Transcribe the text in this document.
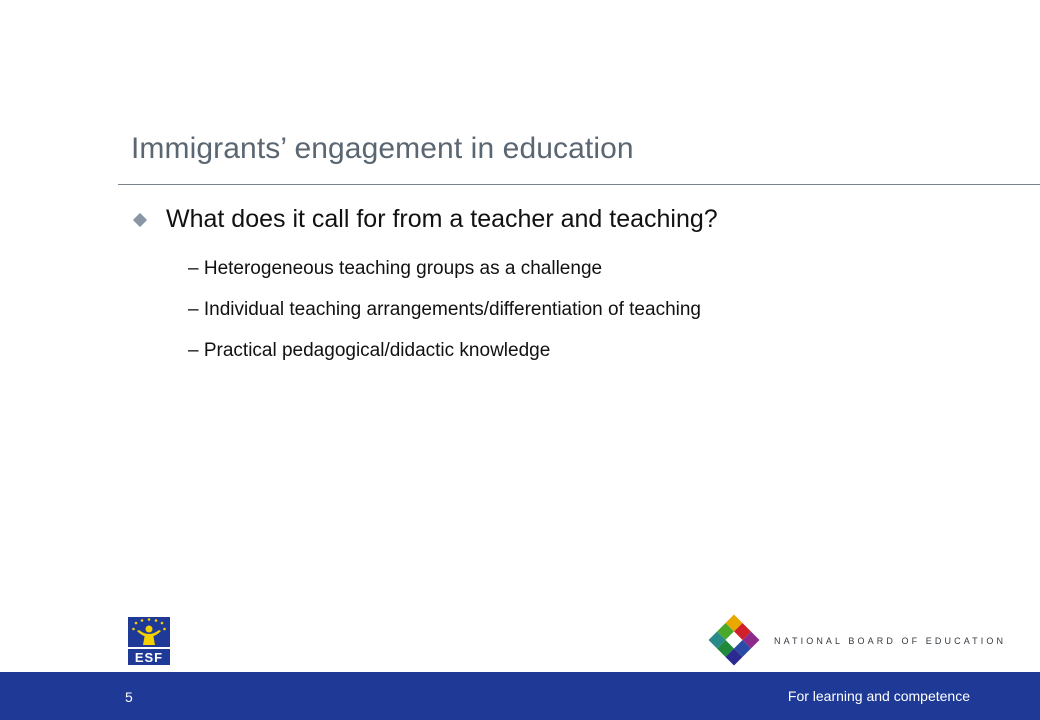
Immigrants’ engagement in education
What does it call for from a teacher and teaching?
– Heterogeneous teaching groups as a challenge
– Individual teaching arrangements/differentiation of teaching
– Practical pedagogical/didactic knowledge
ESF
NATIONAL BOARD OF EDUCATION
5	For learning and competence
